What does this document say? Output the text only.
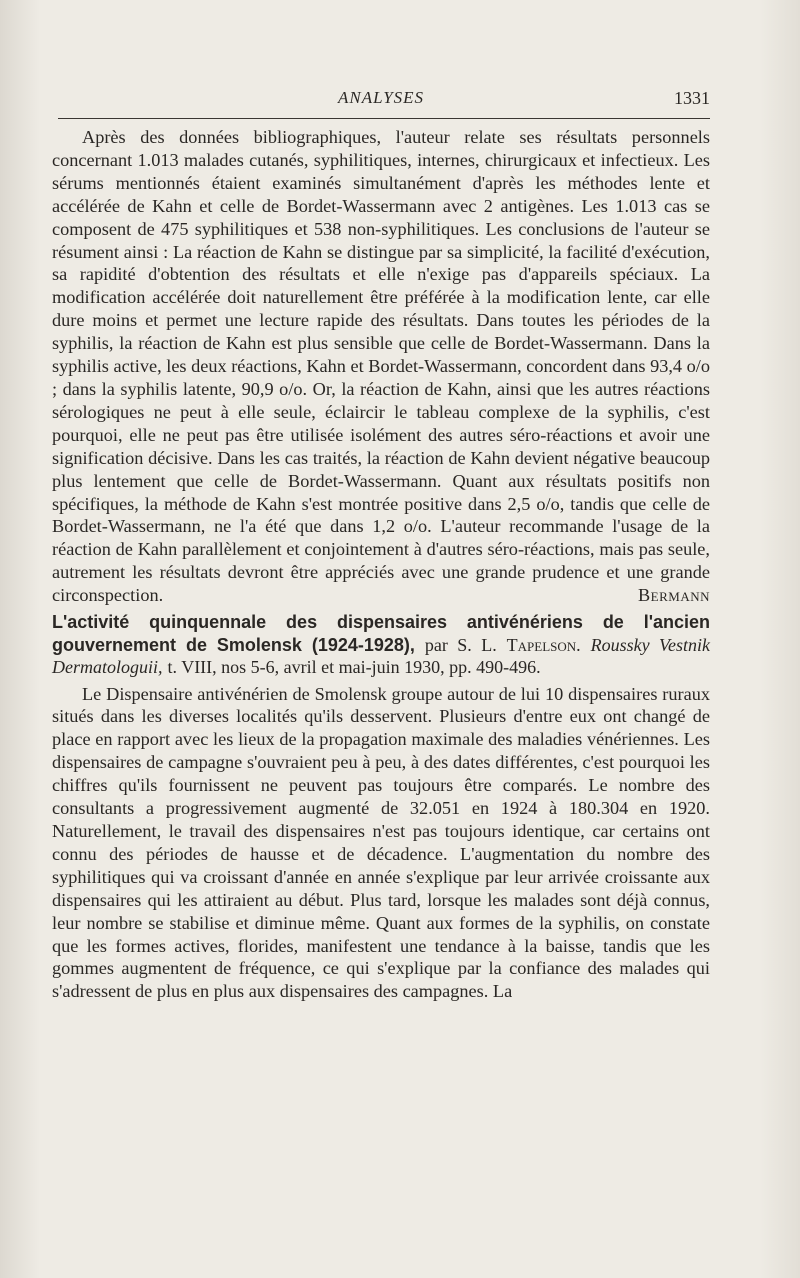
ANALYSES	1331

Après des données bibliographiques, l'auteur relate ses résultats personnels concernant 1.013 malades cutanés, syphilitiques, internes, chirurgicaux et infectieux. Les sérums mentionnés étaient examinés simultanément d'après les méthodes lente et accélérée de Kahn et celle de Bordet-Wassermann avec 2 antigènes. Les 1.013 cas se composent de 475 syphilitiques et 538 non-syphilitiques. Les conclusions de l'auteur se résument ainsi : La réaction de Kahn se distingue par sa simplicité, la facilité d'exécution, sa rapidité d'obtention des résultats et elle n'exige pas d'appareils spéciaux. La modification accélérée doit naturellement être préférée à la modification lente, car elle dure moins et permet une lecture rapide des résultats. Dans toutes les périodes de la syphilis, la réaction de Kahn est plus sensible que celle de Bordet-Wassermann. Dans la syphilis active, les deux réactions, Kahn et Bordet-Wassermann, concordent dans 93,4 o/o ; dans la syphilis latente, 90,9 o/o. Or, la réaction de Kahn, ainsi que les autres réactions sérologiques ne peut à elle seule, éclaircir le tableau complexe de la syphilis, c'est pourquoi, elle ne peut pas être utilisée isolément des autres séro-réactions et avoir une signification décisive. Dans les cas traités, la réaction de Kahn devient négative beaucoup plus lentement que celle de Bordet-Wassermann. Quant aux résultats positifs non spécifiques, la méthode de Kahn s'est montrée positive dans 2,5 o/o, tandis que celle de Bordet-Wassermann, ne l'a été que dans 1,2 o/o. L'auteur recommande l'usage de la réaction de Kahn parallèlement et conjointement à d'autres séro-réactions, mais pas seule, autrement les résultats devront être appréciés avec une grande prudence et une grande circonspection.	Bermann

L'activité quinquennale des dispensaires antivénériens de l'ancien gouvernement de Smolensk (1924-1928), par S. L. Tapelson. Roussky Vestnik Dermatologuii, t. VIII, nos 5-6, avril et mai-juin 1930, pp. 490-496.

Le Dispensaire antivénérien de Smolensk groupe autour de lui 10 dispensaires ruraux situés dans les diverses localités qu'ils desservent. Plusieurs d'entre eux ont changé de place en rapport avec les lieux de la propagation maximale des maladies vénériennes. Les dispensaires de campagne s'ouvraient peu à peu, à des dates différentes, c'est pourquoi les chiffres qu'ils fournissent ne peuvent pas toujours être comparés. Le nombre des consultants a progressivement augmenté de 32.051 en 1924 à 180.304 en 1920. Naturellement, le travail des dispensaires n'est pas toujours identique, car certains ont connu des périodes de hausse et de décadence. L'augmentation du nombre des syphilitiques qui va croissant d'année en année s'explique par leur arrivée croissante aux dispensaires qui les attiraient au début. Plus tard, lorsque les malades sont déjà connus, leur nombre se stabilise et diminue même. Quant aux formes de la syphilis, on constate que les formes actives, florides, manifestent une tendance à la baisse, tandis que les gommes augmentent de fréquence, ce qui s'explique par la confiance des malades qui s'adressent de plus en plus aux dispensaires des campagnes. La
